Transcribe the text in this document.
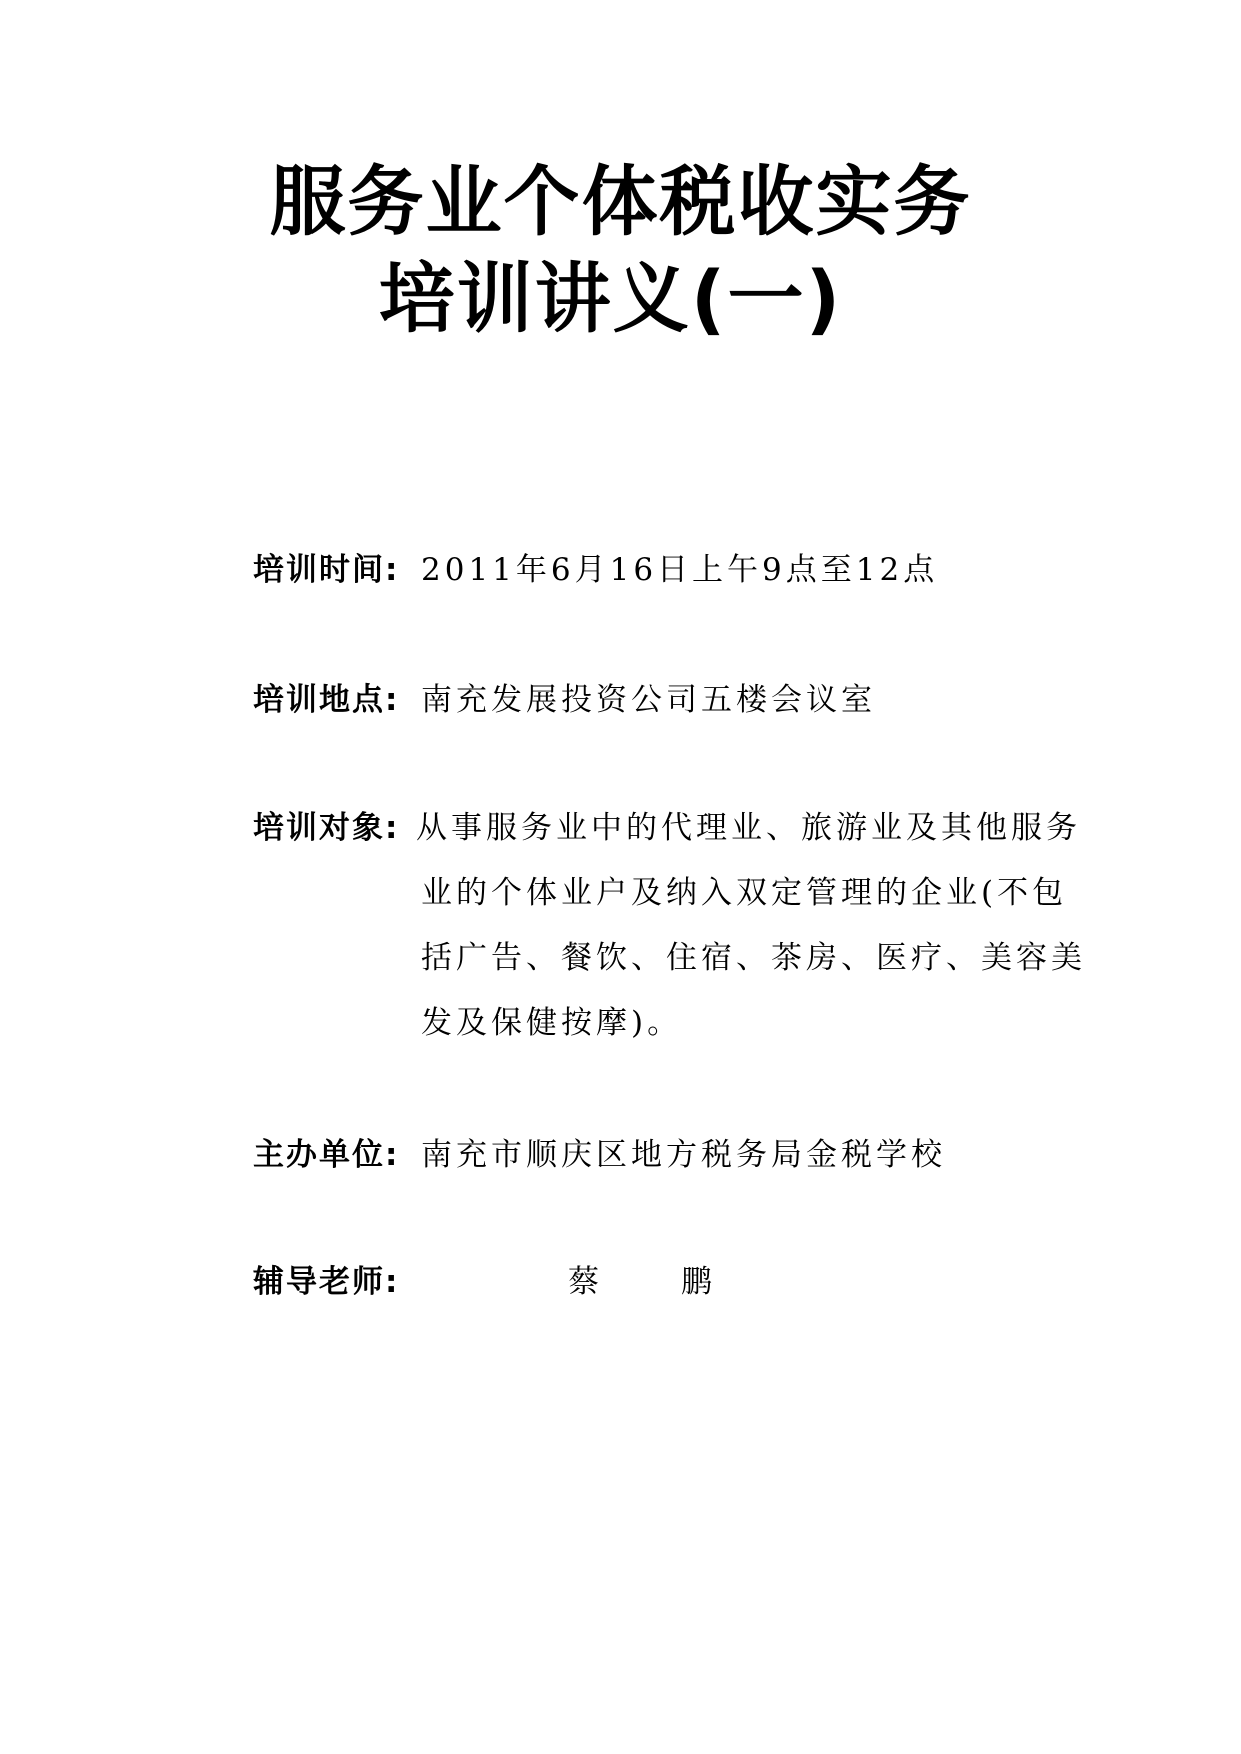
服务业个体税收实务
培训讲义(一)
培训时间: 2011年6月16日上午9点至12点
培训地点: 南充发展投资公司五楼会议室
培训对象: 从事服务业中的代理业、旅游业及其他服务
业的个体业户及纳入双定管理的企业(不包
括广告、餐饮、住宿、茶房、医疗、美容美
发及保健按摩)。
主办单位: 南充市顺庆区地方税务局金税学校
辅导老师:	蔡	鹏
